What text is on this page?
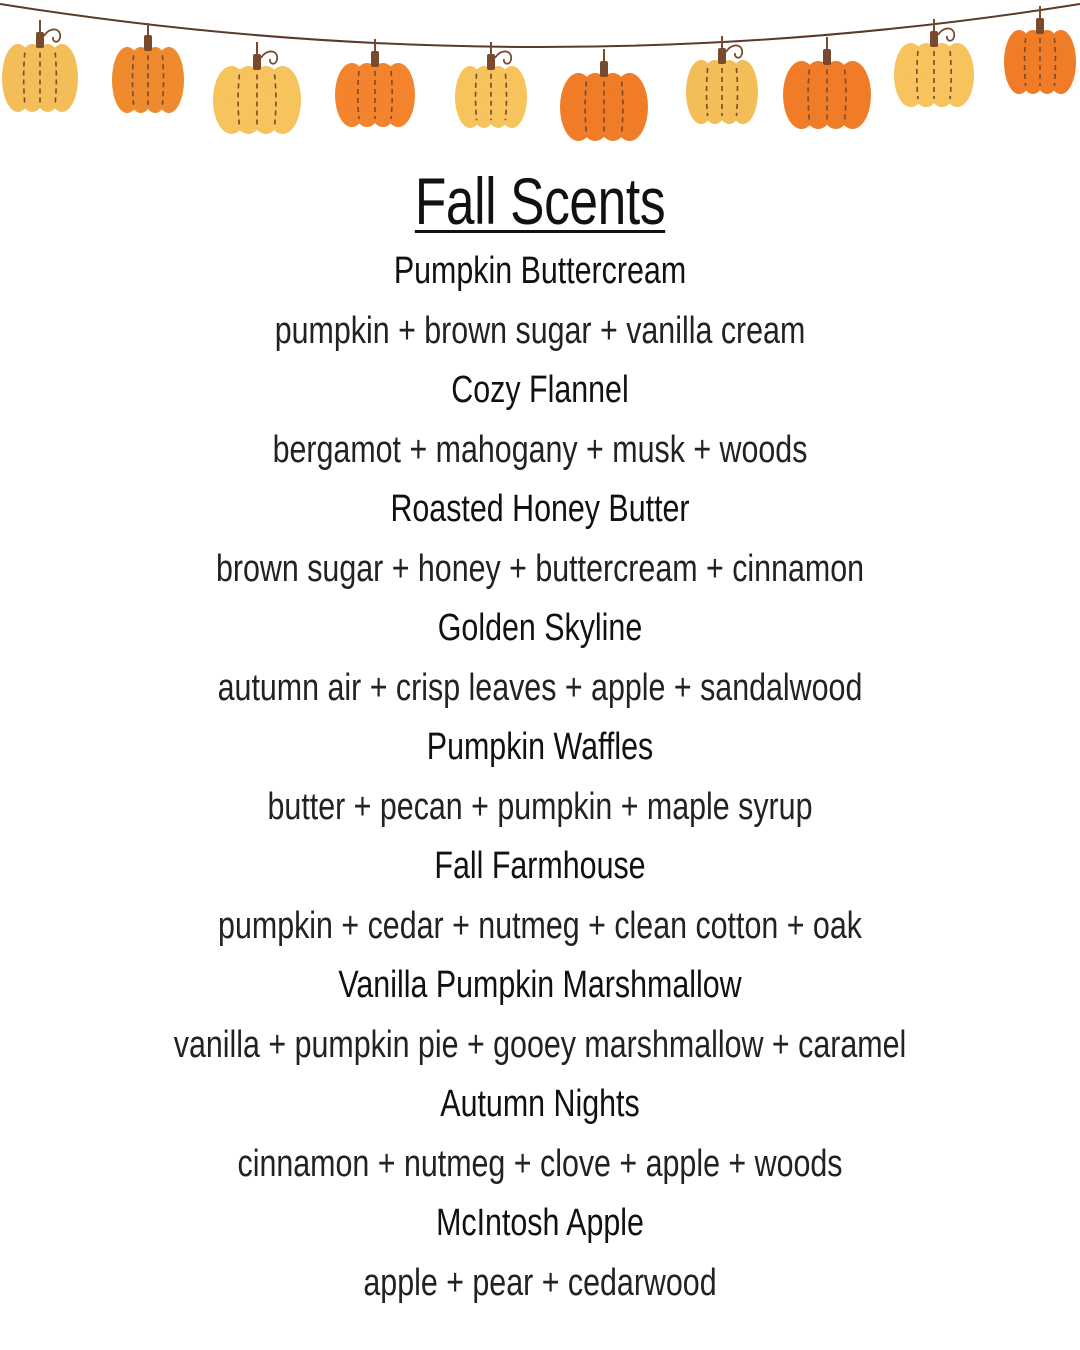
Fall Scents
Pumpkin Buttercream
pumpkin + brown sugar + vanilla cream
Cozy Flannel
bergamot + mahogany + musk + woods
Roasted Honey Butter
brown sugar + honey + buttercream + cinnamon
Golden Skyline
autumn air + crisp leaves + apple + sandalwood
Pumpkin Waffles
butter + pecan + pumpkin + maple syrup
Fall Farmhouse
pumpkin + cedar + nutmeg + clean cotton + oak
Vanilla Pumpkin Marshmallow
vanilla + pumpkin pie + gooey marshmallow + caramel
Autumn Nights
cinnamon + nutmeg + clove + apple + woods
McIntosh Apple
apple + pear + cedarwood
